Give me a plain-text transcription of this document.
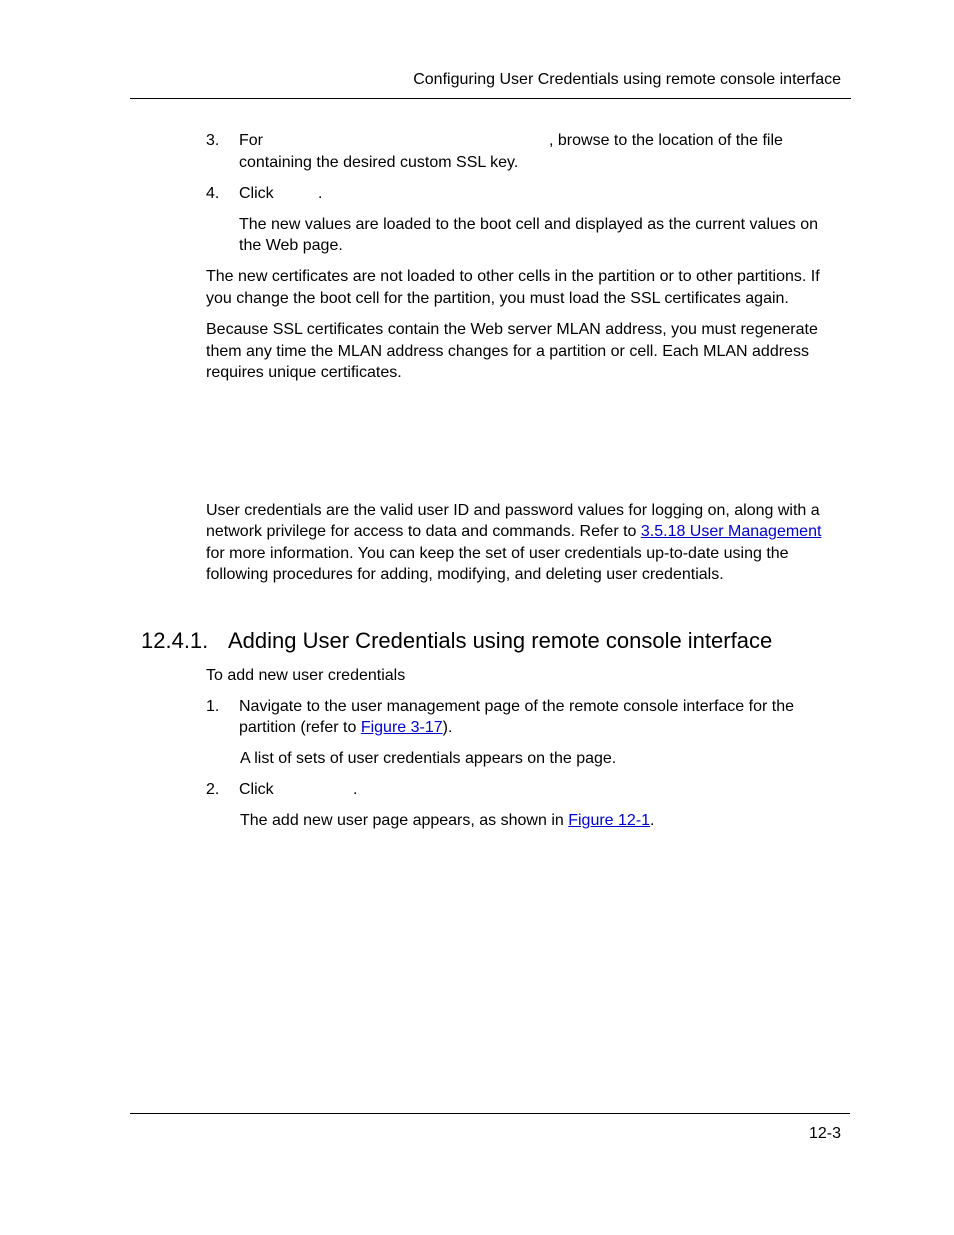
Configuring User Credentials using remote console interface
3. For	, browse to the location of the file
containing the desired custom SSL key.
4. Click	.
The new values are loaded to the boot cell and displayed as the current values on
the Web page.
The new certificates are not loaded to other cells in the partition or to other partitions. If
you change the boot cell for the partition, you must load the SSL certificates again.
Because SSL certificates contain the Web server MLAN address, you must regenerate
them any time the MLAN address changes for a partition or cell. Each MLAN address
requires unique certificates.
User credentials are the valid user ID and password values for logging on, along with a
network privilege for access to data and commands. Refer to 3.5.18 User Management
for more information. You can keep the set of user credentials up-to-date using the
following procedures for adding, modifying, and deleting user credentials.
12.4.1. Adding User Credentials using remote console interface
To add new user credentials
1. Navigate to the user management page of the remote console interface for the
partition (refer to Figure 3-17).
A list of sets of user credentials appears on the page.
2. Click	.
The add new user page appears, as shown in Figure 12-1.
12-3
